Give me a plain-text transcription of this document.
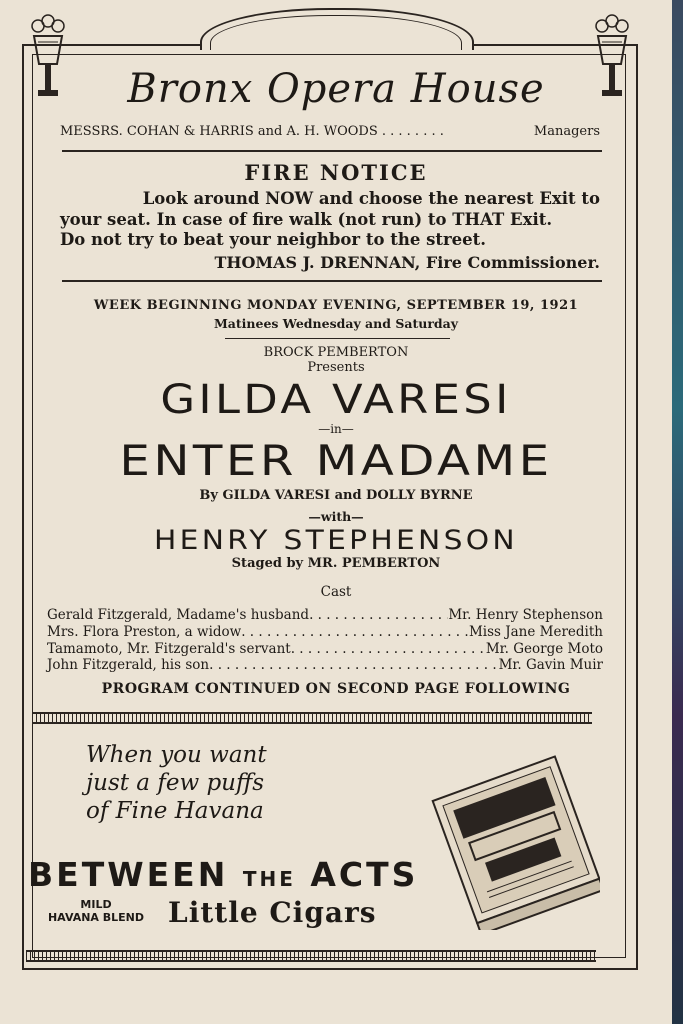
Bronx Opera House
MESSRS. COHAN & HARRIS and A. H. WOODS . . . . . . . .	Managers
FIRE NOTICE
Look around NOW and choose the nearest Exit to
your seat. In case of fire walk (not run) to THAT Exit.
Do not try to beat your neighbor to the street.
THOMAS J. DRENNAN, Fire Commissioner.
WEEK BEGINNING MONDAY EVENING, SEPTEMBER 19, 1921
Matinees Wednesday and Saturday
BROCK PEMBERTON
Presents
GILDA VARESI
—in—
ENTER MADAME
By GILDA VARESI and DOLLY BYRNE
—with—
HENRY STEPHENSON
Staged by MR. PEMBERTON
Cast
Gerald Fitzgerald, Madame's husband . . .	Mr. Henry Stephenson
Mrs. Flora Preston, a widow . . .	Miss Jane Meredith
Tamamoto, Mr. Fitzgerald's servant . . .	Mr. George Moto
John Fitzgerald, his son . . .	Mr. Gavin Muir
PROGRAM CONTINUED ON SECOND PAGE FOLLOWING
When you want
just a few puffs
of Fine Havana
BETWEEN THE ACTS
MILD
HAVANA BLEND Little Cigars
